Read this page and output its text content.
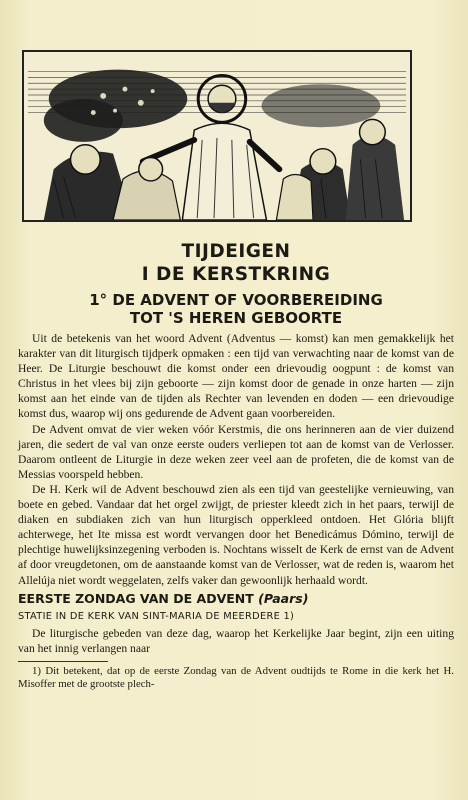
TIJDEIGEN
I DE KERSTKRING
1° DE ADVENT OF VOORBEREIDING
TOT 'S HEREN GEBOORTE

Uit de betekenis van het woord Advent (Adventus — komst) kan men gemakkelijk het karakter van dit liturgisch tijdperk opmaken : een tijd van verwachting naar de komst van de Heer. De Liturgie beschouwt die komst onder een drievoudig oogpunt : de komst van Christus in het vlees bij zijn geboorte — zijn komst door de genade in onze harten — zijn komst aan het einde van de tijden als Rechter van levenden en doden — een drievoudige komst dus, waarop wij ons gedurende de Advent gaan voorbereiden.

De Advent omvat de vier weken vóór Kerstmis, die ons herinneren aan de vier duizend jaren, die sedert de val van onze eerste ouders verliepen tot aan de komst van de Verlosser. Daarom ontleent de Liturgie in deze weken zeer veel aan de profeten, die de komst van de Messias voorspeld hebben.

De H. Kerk wil de Advent beschouwd zien als een tijd van geestelijke vernieuwing, van boete en gebed. Vandaar dat het orgel zwijgt, de priester kleedt zich in het paars, terwijl de diaken en subdiaken zich van hun liturgisch opperkleed ontdoen. Het Glória blijft achterwege, het Ite missa est wordt vervangen door het Benedicámus Dómino, terwijl de plechtige huwelijksinzegening verboden is. Nochtans wisselt de Kerk de ernst van de Advent af door vreugdetonen, om de aanstaande komst van de Verlosser, wat de reden is, waarom het Allelúja niet wordt weggelaten, zelfs vaker dan gewoonlijk herhaald wordt.

EERSTE ZONDAG VAN DE ADVENT (Paars)
STATIE IN DE KERK VAN SINT-MARIA DE MEERDERE 1)

De liturgische gebeden van deze dag, waarop het Kerkelijke Jaar begint, zijn een uiting van het innig verlangen naar

1) Dit betekent, dat op de eerste Zondag van de Advent oudtijds te Rome in die kerk het H. Misoffer met de grootste plech-
